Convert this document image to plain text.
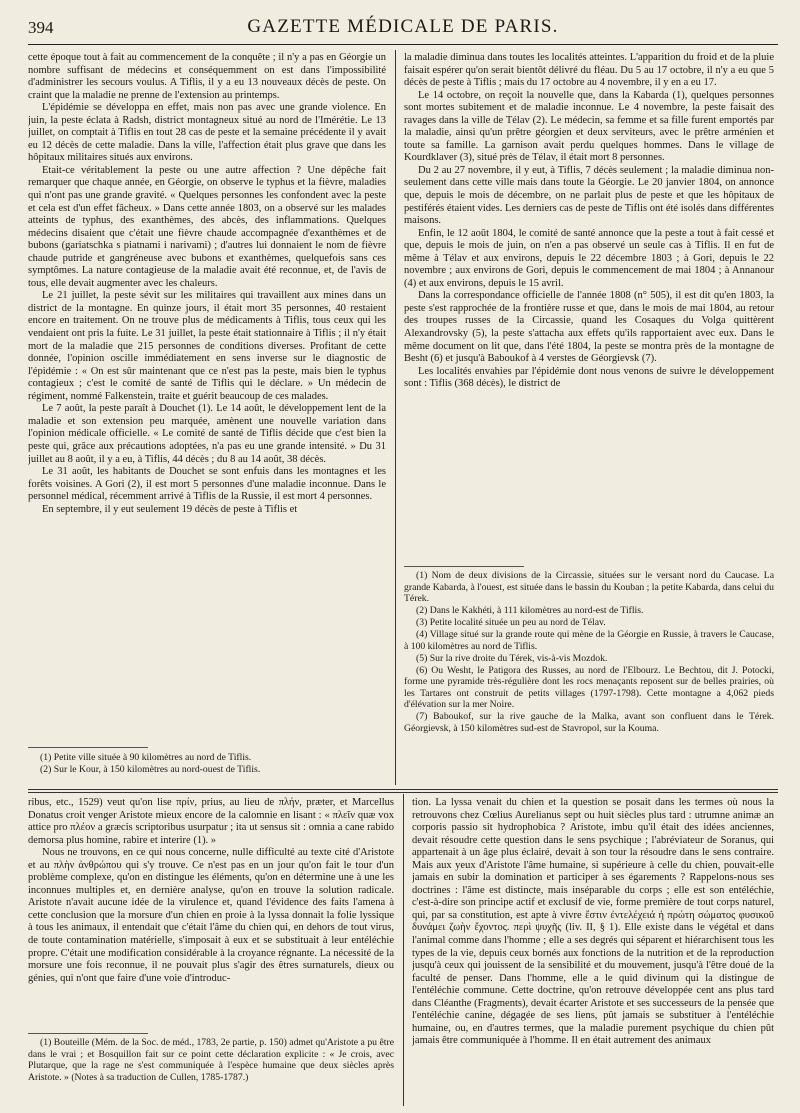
394	GAZETTE MÉDICALE DE PARIS.

cette époque tout à fait au commencement de la conquête ; il n'y a pas en Géorgie un nombre suffisant de médecins et conséquemment on est dans l'impossibilité d'administrer les secours voulus. A Tiflis, il y a eu 13 nouveaux décès de peste. On craint que la maladie ne prenne de l'extension au printemps.

L'épidémie se développa en effet, mais non pas avec une grande violence. En juin, la peste éclata à Radsh, district montagneux situé au nord de l'Imérétie. Le 13 juillet, on comptait à Tiflis en tout 28 cas de peste et la semaine précédente il y avait eu 12 décès de cette maladie. Dans la ville, l'affection était plus grave que dans les hôpitaux militaires situés aux environs.

Etait-ce véritablement la peste ou une autre affection ? Une dépêche fait remarquer que chaque année, en Géorgie, on observe le typhus et la fièvre, maladies qui n'ont pas une grande gravité. « Quelques personnes les confondent avec la peste et cela est d'un effet fâcheux. » Dans cette année 1803, on a observé sur les malades atteints de typhus, des exanthèmes, des abcès, des inflammations. Quelques médecins disaient que c'était une fièvre chaude accompagnée d'exanthèmes et de bubons (gariatschka s piatnami i narivami) ; d'autres lui donnaient le nom de fièvre chaude putride et gangréneuse avec bubons et exanthèmes, quelquefois sans ces symptômes. La nature contagieuse de la maladie avait été reconnue, et, de l'avis de tous, elle devait augmenter avec les chaleurs.

Le 21 juillet, la peste sévit sur les militaires qui travaillent aux mines dans un district de la montagne. En quinze jours, il était mort 35 personnes, 40 restaient encore en traitement. On ne trouve plus de médicaments à Tiflis, tous ceux qui les vendaient ont pris la fuite. Le 31 juillet, la peste était stationnaire à Tiflis ; il n'y était mort de la maladie que 215 personnes de conditions diverses. Profitant de cette donnée, l'opinion oscille immédiatement en sens inverse sur le diagnostic de l'épidémie : « On est sûr maintenant que ce n'est pas la peste, mais bien le typhus contagieux ; c'est le comité de santé de Tiflis qui le déclare. » Un médecin de régiment, nommé Falkenstein, traite et guérit beaucoup de ces malades.

Le 7 août, la peste paraît à Douchet (1). Le 14 août, le développement lent de la maladie et son extension peu marquée, amènent une nouvelle variation dans l'opinion médicale officielle. « Le comité de santé de Tiflis décide que c'est bien la peste qui, grâce aux précautions adoptées, n'a pas eu une grande intensité. » Du 31 juillet au 8 août, il y a eu, à Tiflis, 44 décès ; du 8 au 14 août, 38 décès.

Le 31 août, les habitants de Douchet se sont enfuis dans les montagnes et les forêts voisines. A Gori (2), il est mort 5 personnes d'une maladie inconnue. Dans le personnel médical, récemment arrivé à Tiflis de la Russie, il est mort 4 personnes.

En septembre, il y eut seulement 19 décès de peste à Tiflis et

(1) Petite ville située à 90 kilomètres au nord de Tiflis.

(2) Sur le Kour, à 150 kilomètres au nord-ouest de Tiflis.

la maladie diminua dans toutes les localités atteintes. L'apparition du froid et de la pluie faisait espérer qu'on serait bientôt délivré du fléau. Du 5 au 17 octobre, il n'y a eu que 5 décès de peste à Tiflis ; mais du 17 octobre au 4 novembre, il y en a eu 17.

Le 14 octobre, on reçoit la nouvelle que, dans la Kabarda (1), quelques personnes sont mortes subitement et de maladie inconnue. Le 4 novembre, la peste faisait des ravages dans la ville de Télav (2). Le médecin, sa femme et sa fille furent emportés par la maladie, ainsi qu'un prêtre géorgien et deux serviteurs, avec le prêtre arménien et toute sa famille. La garnison avait perdu quelques hommes. Dans le village de Kourdklaver (3), situé près de Télav, il était mort 8 personnes.

Du 2 au 27 novembre, il y eut, à Tiflis, 7 décès seulement ; la maladie diminua non-seulement dans cette ville mais dans toute la Géorgie. Le 20 janvier 1804, on annonce que, depuis le mois de décembre, on ne parlait plus de peste et que les hôpitaux de pestiférés étaient vides. Les derniers cas de peste de Tiflis ont été isolés dans différentes maisons.

Enfin, le 12 août 1804, le comité de santé annonce que la peste a tout à fait cessé et que, depuis le mois de juin, on n'en a pas observé un seule cas à Tiflis. Il en fut de même à Télav et aux environs, depuis le 22 décembre 1803 ; à Gori, depuis le 22 novembre ; aux environs de Gori, depuis le commencement de mai 1804 ; à Annanour (4) et aux environs, depuis le 15 avril.

Dans la correspondance officielle de l'année 1808 (n° 505), il est dit qu'en 1803, la peste s'est rapprochée de la frontière russe et que, dans le mois de mai 1804, au retour des troupes russes de la Circassie, quand les Cosaques du Volga quittèrent Alexandrovsky (5), la peste s'attacha aux effets qu'ils rapportaient avec eux. Dans le même document on lit que, dans l'été 1804, la peste se montra près de la montagne de Besht (6) et jusqu'à Baboukof à 4 verstes de Géorgievsk (7).

Les localités envahies par l'épidémie dont nous venons de suivre le développement sont : Tiflis (368 décès), le district de

(1) Nom de deux divisions de la Circassie, situées sur le versant nord du Caucase. La grande Kabarda, à l'ouest, est située dans le bassin du Kouban ; la petite Kabarda, dans celui du Térek.

(2) Dans le Kakhéti, à 111 kilomètres au nord-est de Tiflis.

(3) Petite localité située un peu au nord de Télav.

(4) Village situé sur la grande route qui mène de la Géorgie en Russie, à travers le Caucase, à 100 kilomètres au nord de Tiflis.

(5) Sur la rive droite du Térek, vis-à-vis Mozdok.

(6) Ou Wesht, le Patigora des Russes, au nord de l'Elbourz. Le Bechtou, dit J. Potocki, forme une pyramide très-régulière dont les rocs menaçants reposent sur de belles prairies, où les Tartares ont construit de petits villages (1797-1798). Cette montagne a 4,062 pieds d'élévation sur la mer Noire.

(7) Baboukof, sur la rive gauche de la Malka, avant son confluent dans le Térek. Géorgievsk, à 150 kilomètres sud-est de Stavropol, sur la Kouma.

ribus, etc., 1529) veut qu'on lise πρίν, prius, au lieu de πλήν, præter, et Marcellus Donatus croit venger Aristote mieux encore de la calomnie en lisant : « πλεῖν quæ vox attice pro πλέον a græcis scriptoribus usurpatur ; ita ut sensus sit : omnia a cane rabido demorsa plus homine, rabire et interire (1). »

Nous ne trouvons, en ce qui nous concerne, nulle difficulté au texte cité d'Aristote et au πλὴν ἀνθρώπου qui s'y trouve. Ce n'est pas en un jour qu'on fait le tour d'un problème complexe, qu'on en distingue les éléments, qu'on en détermine une à une les inconnues multiples et, en dernière analyse, qu'on en trouve la solution radicale. Aristote n'avait aucune idée de la virulence et, quand l'évidence des faits l'amena à cette conclusion que la morsure d'un chien en proie à la lyssa donnait la folie lyssique à tous les animaux, il entendait que c'était l'âme du chien qui, en dehors de tout virus, de toute contamination matérielle, s'imposait à eux et se substituait à leur entéléchie propre. C'était une modification considérable à la croyance régnante. La nécessité de la morsure une fois reconnue, il ne pouvait plus s'agir des êtres surnaturels, dieux ou génies, qui n'ont que faire d'une voie d'introduc-

(1) Bouteille (Mém. de la Soc. de méd., 1783, 2e partie, p. 150) admet qu'Aristote a pu être dans le vrai ; et Bosquillon fait sur ce point cette déclaration explicite : « Je crois, avec Plutarque, que la rage ne s'est communiquée à l'espèce humaine que deux siècles après Aristote. » (Notes à sa traduction de Cullen, 1785-1787.)

tion. La lyssa venait du chien et la question se posait dans les termes où nous la retrouvons chez Cœlius Aurelianus sept ou huit siècles plus tard : utrumne animæ an corporis passio sit hydrophobica ? Aristote, imbu qu'il était des idées anciennes, devait résoudre cette question dans le sens psychique ; l'abréviateur de Soranus, qui appartenait à un âge plus éclairé, devait à son tour la résoudre dans le sens contraire. Mais aux yeux d'Aristote l'âme humaine, si supérieure à celle du chien, pouvait-elle jamais en subir la domination et participer à ses égarements ? Rappelons-nous ses doctrines : l'âme est distincte, mais inséparable du corps ; elle est son entéléchie, c'est-à-dire son principe actif et exclusif de vie, forme première de tout corps naturel, qui, par sa constitution, est apte à vivre ἔστιν ἐντελέχειά ἡ πρώτη σώματος φυσικοῦ δυνάμει ζωὴν ἔχοντος. περὶ ψυχῆς (liv. II, § 1). Elle existe dans le végétal et dans l'animal comme dans l'homme ; elle a ses degrés qui séparent et hiérarchisent tous les types de la vie, depuis ceux bornés aux fonctions de la nutrition et de la reproduction jusqu'à ceux qui jouissent de la sensibilité et du mouvement, jusqu'à l'être doué de la faculté de penser. Dans l'homme, elle a le quid divinum qui la distingue de l'entéléchie commune. Cette doctrine, qu'on retrouve développée cent ans plus tard dans Cléanthe (Fragments), devait écarter Aristote et ses successeurs de la pensée que l'entéléchie canine, dégagée de ses liens, pût jamais se substituer à l'entéléchie humaine, ou, en d'autres termes, que la maladie purement psychique du chien pût jamais être communiquée à l'homme. Il en était autrement des animaux
